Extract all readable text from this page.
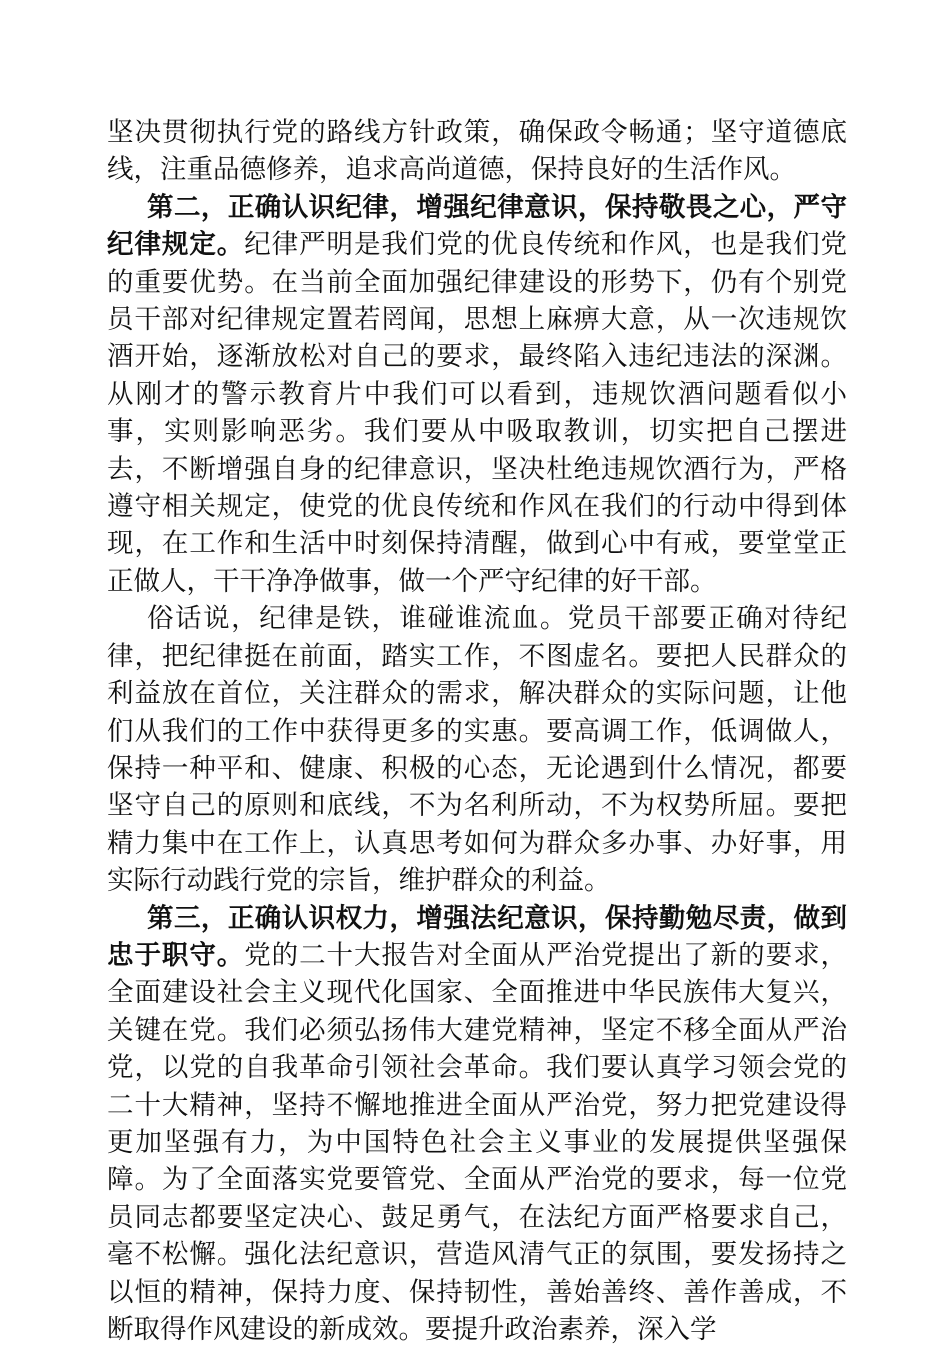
坚决贯彻执行党的路线方针政策，确保政令畅通；坚守道德底线，注重品德修养，追求高尚道德，保持良好的生活作风。

第二，正确认识纪律，增强纪律意识，保持敬畏之心，严守纪律规定。纪律严明是我们党的优良传统和作风，也是我们党的重要优势。在当前全面加强纪律建设的形势下，仍有个别党员干部对纪律规定置若罔闻，思想上麻痹大意，从一次违规饮酒开始，逐渐放松对自己的要求，最终陷入违纪违法的深渊。从刚才的警示教育片中我们可以看到，违规饮酒问题看似小事，实则影响恶劣。我们要从中吸取教训，切实把自己摆进去，不断增强自身的纪律意识，坚决杜绝违规饮酒行为，严格遵守相关规定，使党的优良传统和作风在我们的行动中得到体现，在工作和生活中时刻保持清醒，做到心中有戒，要堂堂正正做人，干干净净做事，做一个严守纪律的好干部。

俗话说，纪律是铁，谁碰谁流血。党员干部要正确对待纪律，把纪律挺在前面，踏实工作，不图虚名。要把人民群众的利益放在首位，关注群众的需求，解决群众的实际问题，让他们从我们的工作中获得更多的实惠。要高调工作，低调做人，保持一种平和、健康、积极的心态，无论遇到什么情况，都要坚守自己的原则和底线，不为名利所动，不为权势所屈。要把精力集中在工作上，认真思考如何为群众多办事、办好事，用实际行动践行党的宗旨，维护群众的利益。

第三，正确认识权力，增强法纪意识，保持勤勉尽责，做到忠于职守。党的二十大报告对全面从严治党提出了新的要求，全面建设社会主义现代化国家、全面推进中华民族伟大复兴，关键在党。我们必须弘扬伟大建党精神，坚定不移全面从严治党，以党的自我革命引领社会革命。我们要认真学习领会党的二十大精神，坚持不懈地推进全面从严治党，努力把党建设得更加坚强有力，为中国特色社会主义事业的发展提供坚强保障。为了全面落实党要管党、全面从严治党的要求，每一位党员同志都要坚定决心、鼓足勇气，在法纪方面严格要求自己，毫不松懈。强化法纪意识，营造风清气正的氛围，要发扬持之以恒的精神，保持力度、保持韧性，善始善终、善作善成，不断取得作风建设的新成效。要提升政治素养，深入学
